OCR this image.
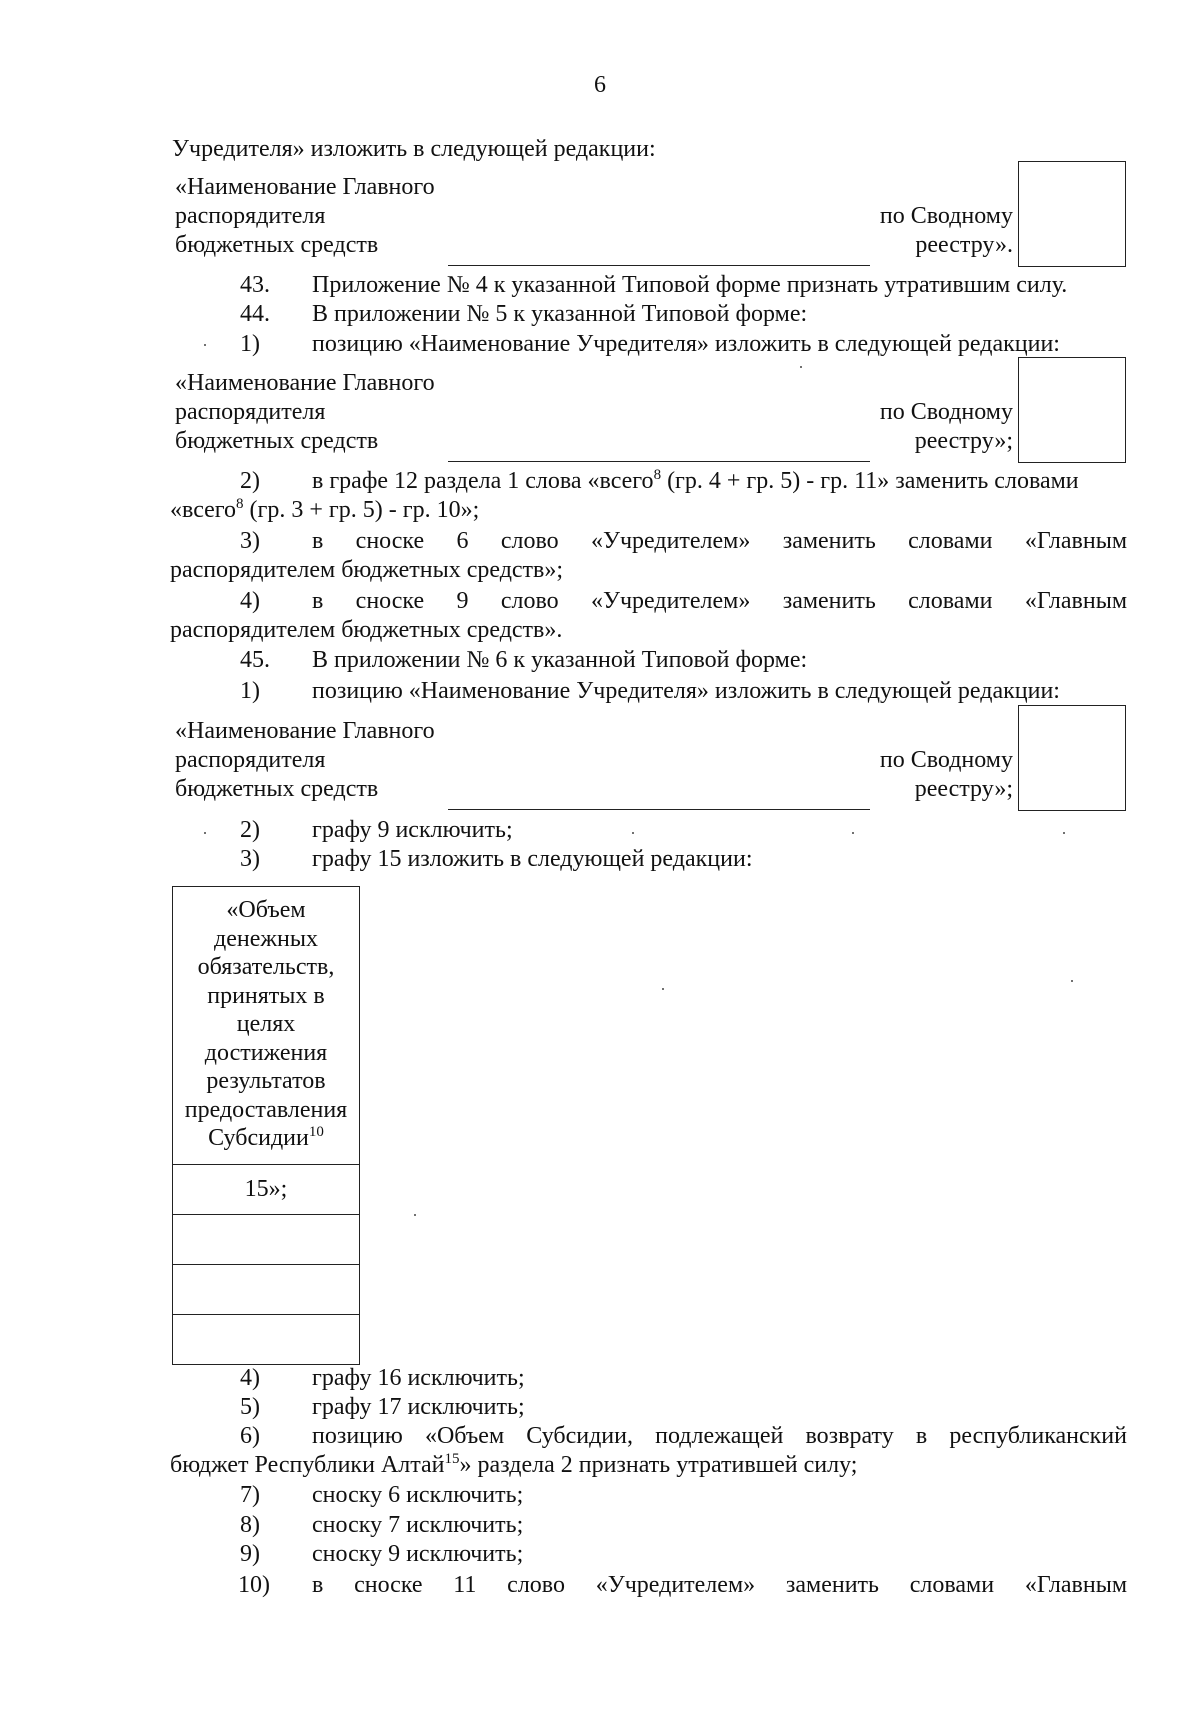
6
Учредителя» изложить в следующей редакции:
«Наименование Главного
распорядителя
бюджетных средств
по Сводному
реестру».
43. Приложение № 4 к указанной Типовой форме признать утратившим силу.
44. В приложении № 5 к указанной Типовой форме:
1) позицию «Наименование Учредителя» изложить в следующей редакции:
«Наименование Главного
распорядителя
бюджетных средств
по Сводному
реестру»;
2) в графе 12 раздела 1 слова «всего$^8$ (гр. 4 + гр. 5) - гр. 11» заменить словами
«всего$^8$ (гр. 3 + гр. 5) - гр. 10»;
3) в сноске 6 слово «Учредителем» заменить словами «Главным
распорядителем бюджетных средств»;
4) в сноске 9 слово «Учредителем» заменить словами «Главным
распорядителем бюджетных средств».
45. В приложении № 6 к указанной Типовой форме:
1) позицию «Наименование Учредителя» изложить в следующей редакции:
«Наименование Главного
распорядителя
бюджетных средств
по Сводному
реестру»;
2) графу 9 исключить;
3) графу 15 изложить в следующей редакции:
«Объем
денежных
обязательств,
принятых в
целях
достижения
результатов
предоставления
Субсидии$^{10}$
15»;
4) графу 16 исключить;
5) графу 17 исключить;
6) позицию «Объем Субсидии, подлежащей возврату в республиканский
бюджет Республики Алтай$^{15}$» раздела 2 признать утратившей силу;
7) сноску 6 исключить;
8) сноску 7 исключить;
9) сноску 9 исключить;
10) в сноске 11 слово «Учредителем» заменить словами «Главным
